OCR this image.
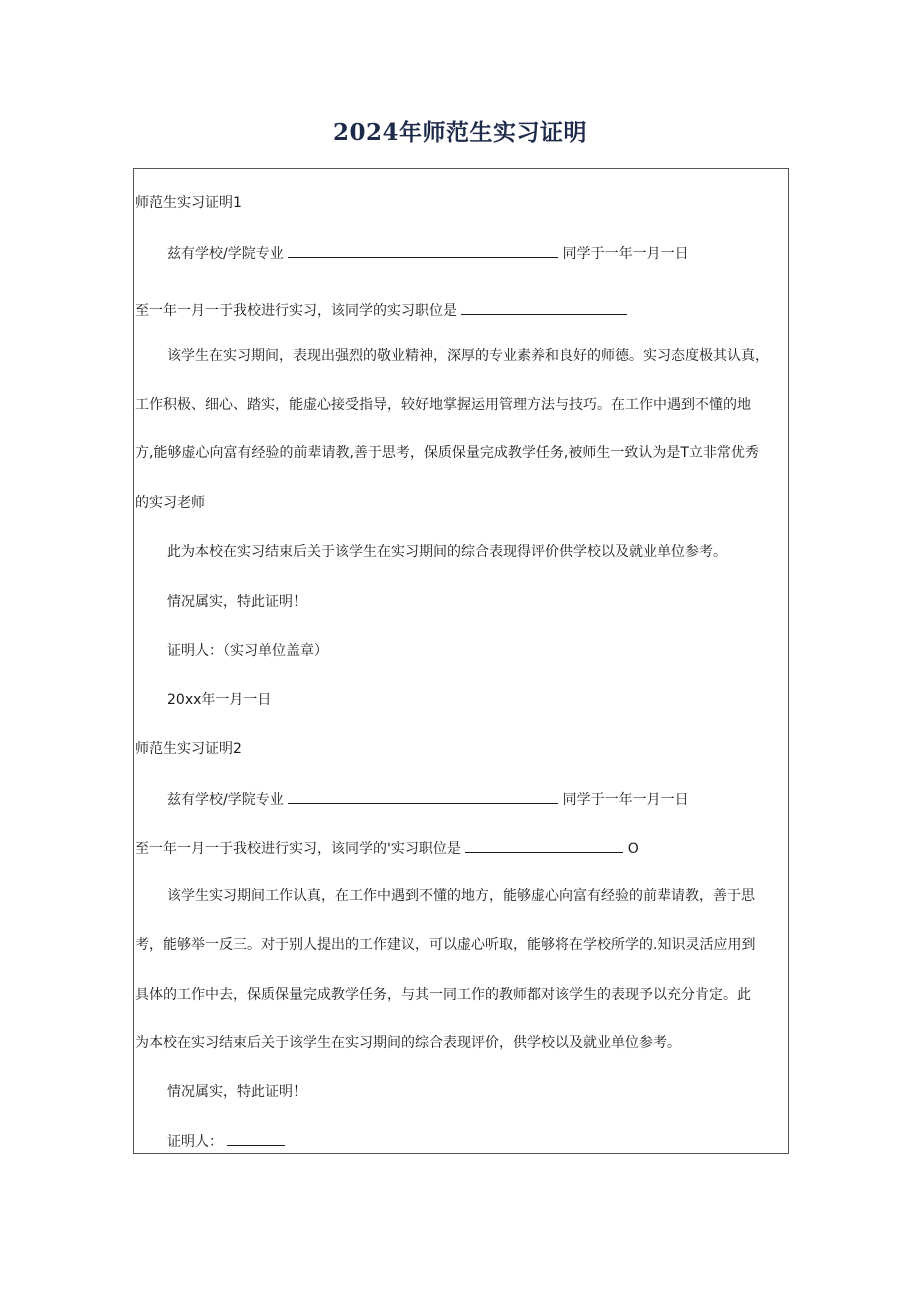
2024年师范生实习证明
师范生实习证明1
兹有学校/学院专业	同学于一年一月一日
至一年一月一于我校进行实习，该同学的实习职位是
该学生在实习期间，表现出强烈的敬业精神，深厚的专业素养和良好的师德。实习态度极其认真，
工作积极、细心、踏实，能虚心接受指导，较好地掌握运用管理方法与技巧。在工作中遇到不懂的地
方,能够虚心向富有经验的前辈请教,善于思考，保质保量完成教学任务,被师生一致认为是T立非常优秀
的实习老师
此为本校在实习结束后关于该学生在实习期间的综合表现得评价供学校以及就业单位参考。
情况属实，特此证明！
证明人：（实习单位盖章）
20xx年一月一日
师范生实习证明2
兹有学校/学院专业	同学于一年一月一日
至一年一月一于我校进行实习，该同学的'实习职位是	O
该学生实习期间工作认真，在工作中遇到不懂的地方，能够虚心向富有经验的前辈请教，善于思
考，能够举一反三。对于别人提出的工作建议，可以虚心听取，能够将在学校所学的.知识灵活应用到
具体的工作中去，保质保量完成教学任务，与其一同工作的教师都对该学生的表现予以充分肯定。此
为本校在实习结束后关于该学生在实习期间的综合表现评价，供学校以及就业单位参考。
情况属实，特此证明！
证明人：
